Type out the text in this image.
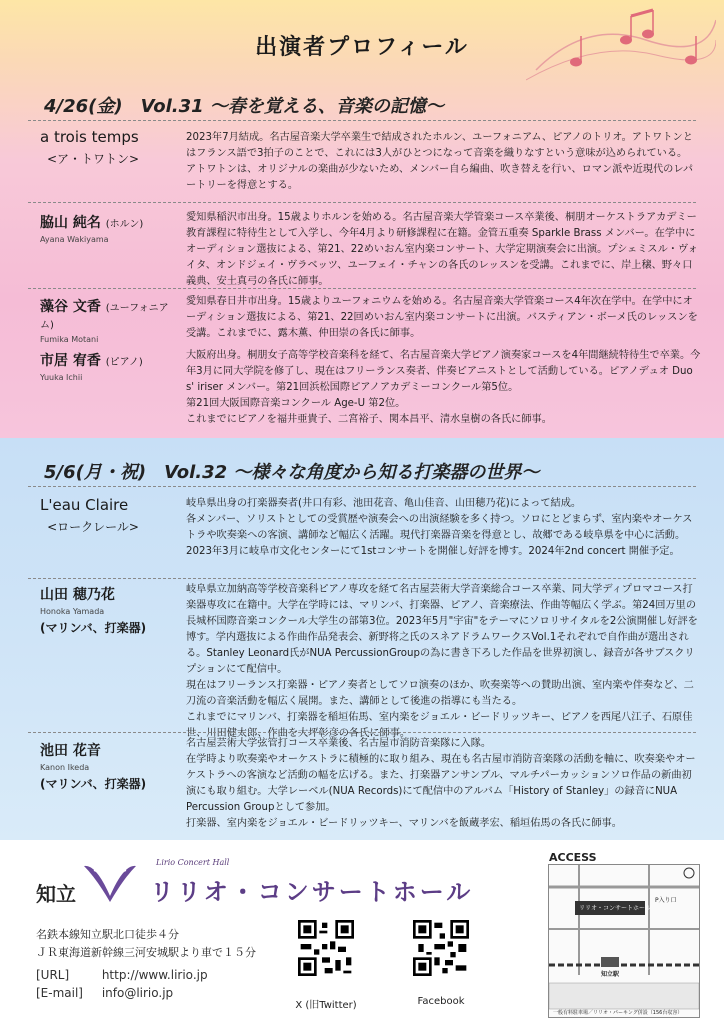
出演者プロフィール
4/26(金)　Vol.31 ～春を覚える、音楽の記憶～
a trois temps
<ア・トワトン>
2023年7月結成。名古屋音楽大学卒業生で結成されたホルン、ユーフォニアム、ピアノのトリオ。アトワトンとはフランス語で3拍子のことで、これには3人がひとつになって音楽を織りなすという意味が込められている。
アトワトンは、オリジナルの楽曲が少ないため、メンバー自ら編曲、吹き替えを行い、ロマン派や近現代のレパートリーを得意とする。
脇山 純名 (ホルン)
Ayana Wakiyama
愛知県稲沢市出身。15歳よりホルンを始める。名古屋音楽大学管楽コース卒業後、桐朋オーケストラアカデミー教育課程に特待生として入学し、今年4月より研修課程に在籍。金管五重奏 Sparkle Brass メンバー。在学中にオーディション選抜による、第21、22めいおん室内楽コンサート、大学定期演奏会に出演。プシェミスル・ヴォイタ、オンドジェイ・ヴラベッツ、ユーフェイ・チャンの各氏のレッスンを受講。これまでに、岸上穣、野々口義典、安土真弓の各氏に師事。
藻谷 文香 (ユーフォニアム)
Fumika Motani
愛知県春日井市出身。15歳よりユーフォニウムを始める。名古屋音楽大学管楽コース4年次在学中。在学中にオーディション選抜による、第21、22回めいおん室内楽コンサートに出演。バスティアン・ボーメ氏のレッスンを受講。これまでに、露木薫、仲田崇の各氏に師事。
市居 宥香 (ピアノ)
Yuuka Ichii
大阪府出身。桐朋女子高等学校音楽科を経て、名古屋音楽大学ピアノ演奏家コースを4年間継続特待生で卒業。今年3月に同大学院を修了し、現在はフリーランス奏者、伴奏ピアニストとして活動している。ピアノデュオ Duo s' iriser メンバー。第21回浜松国際ピアノアカデミーコンクール第5位。
第21回大阪国際音楽コンクール Age-U 第2位。
これまでにピアノを福井亜貴子、二宮裕子、関本昌平、清水皇樹の各氏に師事。
5/6(月・祝)　Vol.32 ～様々な角度から知る打楽器の世界～
L'eau Claire
<ロークレール>
岐阜県出身の打楽器奏者(井口有彩、池田花音、亀山佳音、山田穂乃花)によって結成。
各メンバー、ソリストとしての受賞歴や演奏会への出演経験を多く持つ。ソロにとどまらず、室内楽やオーケストラや吹奏楽への客演、講師など幅広く活躍。現代打楽器音楽を得意とし、故郷である岐阜県を中心に活動。2023年3月に岐阜市文化センターにて1stコンサートを開催し好評を博す。2024年2nd concert 開催予定。
山田 穂乃花
Honoka Yamada
(マリンバ、打楽器)
岐阜県立加納高等学校音楽科ピアノ専攻を経て名古屋芸術大学音楽総合コース卒業、同大学ディプロマコース打楽器専攻に在籍中。大学在学時には、マリンバ、打楽器、ピアノ、音楽療法、作曲等幅広く学ぶ。第24回万里の長城杯国際音楽コンクール大学生の部第3位。2023年5月"宇宙"をテーマにソロリサイタルを2公演開催し好評を博す。学内選抜による作曲作品発表会、新野将之氏のスネアドラムワークスVol.1それぞれで自作曲が選出される。Stanley Leonard氏がNUA PercussionGroupの為に書き下ろした作品を世界初演し、録音が各サブスクリプションにて配信中。
現在はフリーランス打楽器・ピアノ奏者としてソロ演奏のほか、吹奏楽等への賛助出演、室内楽や伴奏など、二刀流の音楽活動を幅広く展開。また、講師として後進の指導にも当たる。
これまでにマリンバ、打楽器を稲垣佑馬、室内楽をジョエル・ビードリッツキー、ピアノを西尾八江子、石原佳世、川田健太郎、作曲を大坪彰彦の各氏に師事。
池田 花音
Kanon Ikeda
(マリンバ、打楽器)
名古屋芸術大学弦管打コース卒業後、名古屋市消防音楽隊に入隊。
在学時より吹奏楽やオーケストラに積極的に取り組み、現在も名古屋市消防音楽隊の活動を軸に、吹奏楽やオーケストラへの客演など活動の幅を広げる。また、打楽器アンサンブル、マルチパーカッションソロ作品の新曲初演にも取り組む。大学レーベル(NUA Records)にて配信中のアルバム「History of Stanley」の録音にNUA Percussion Groupとして参加。
打楽器、室内楽をジョエル・ビードリッツキー、マリンバを飯蔵孝宏、稲垣佑馬の各氏に師事。
知立
Lirio Concert Hall
リリオ・コンサートホール
名鉄本線知立駅北口徒歩４分
ＪＲ東海道新幹線三河安城駅より車で１５分
[URL]	http://www.lirio.jp
[E-mail] info@lirio.jp
X (旧Twitter)	Facebook
ACCESS
リリオ・コンサートホール
P入り口
知立駅
一般有料駐車場／リリオ・パーキング併設（156台収容）
